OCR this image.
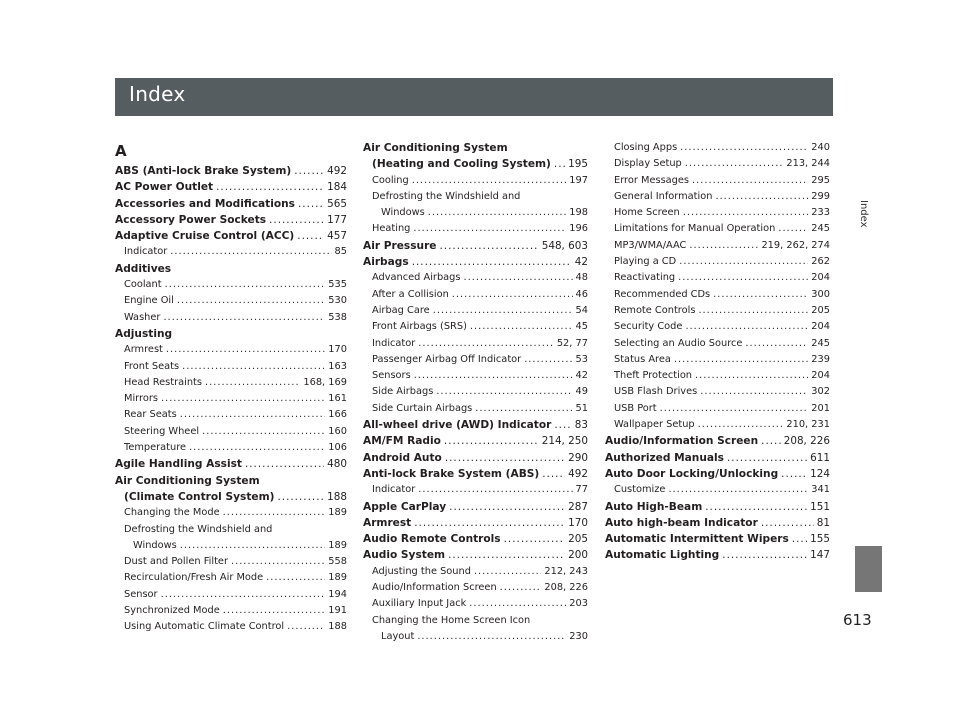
Index
Index
613
A
ABS (Anti-lock Brake System) .....	492
AC Power Outlet .....	184
Accessories and Modifications .....	565
Accessory Power Sockets .....	177
Adaptive Cruise Control (ACC) .....	457
Indicator .....	85
Additives
Coolant .....	535
Engine Oil .....	530
Washer .....	538
Adjusting
Armrest .....	170
Front Seats .....	163
Head Restraints .....	168, 169
Mirrors .....	161
Rear Seats .....	166
Steering Wheel .....	160
Temperature .....	106
Agile Handling Assist .....	480
Air Conditioning System
(Climate Control System) .....	188
Changing the Mode .....	189
Defrosting the Windshield and
Windows .....	189
Dust and Pollen Filter .....	558
Recirculation/Fresh Air Mode .....	189
Sensor .....	194
Synchronized Mode .....	191
Using Automatic Climate Control .....	188
Air Conditioning System
(Heating and Cooling System) ..... 195
Cooling .....	197
Defrosting the Windshield and
Windows .....	198
Heating .....	196
Air Pressure .....	548, 603
Airbags .....	42
Advanced Airbags .....	48
After a Collision .....	46
Airbag Care .....	54
Front Airbags (SRS) .....	45
Indicator .....	52, 77
Passenger Airbag Off Indicator .....	53
Sensors .....	42
Side Airbags .....	49
Side Curtain Airbags .....	51
All-wheel drive (AWD) Indicator ..... 83
AM/FM Radio .....	214, 250
Android Auto .....	290
Anti-lock Brake System (ABS) .....	492
Indicator .....	77
Apple CarPlay .....	287
Armrest .....	170
Audio Remote Controls .....	205
Audio System .....	200
Adjusting the Sound .....	212, 243
Audio/Information Screen .....	208, 226
Auxiliary Input Jack .....	203
Changing the Home Screen Icon
Layout .....	230
Closing Apps .....	240
Display Setup .....	213, 244
Error Messages .....	295
General Information .....	299
Home Screen .....	233
Limitations for Manual Operation .....	245
MP3/WMA/AAC .....	219, 262, 274
Playing a CD .....	262
Reactivating .....	204
Recommended CDs .....	300
Remote Controls .....	205
Security Code .....	204
Selecting an Audio Source .....	245
Status Area .....	239
Theft Protection .....	204
USB Flash Drives .....	302
USB Port .....	201
Wallpaper Setup .....	210, 231
Audio/Information Screen ..... 208, 226
Authorized Manuals .....	611
Auto Door Locking/Unlocking .....	124
Customize .....	341
Auto High-Beam .....	151
Auto high-beam Indicator .....	81
Automatic Intermittent Wipers ..... 155
Automatic Lighting .....	147
